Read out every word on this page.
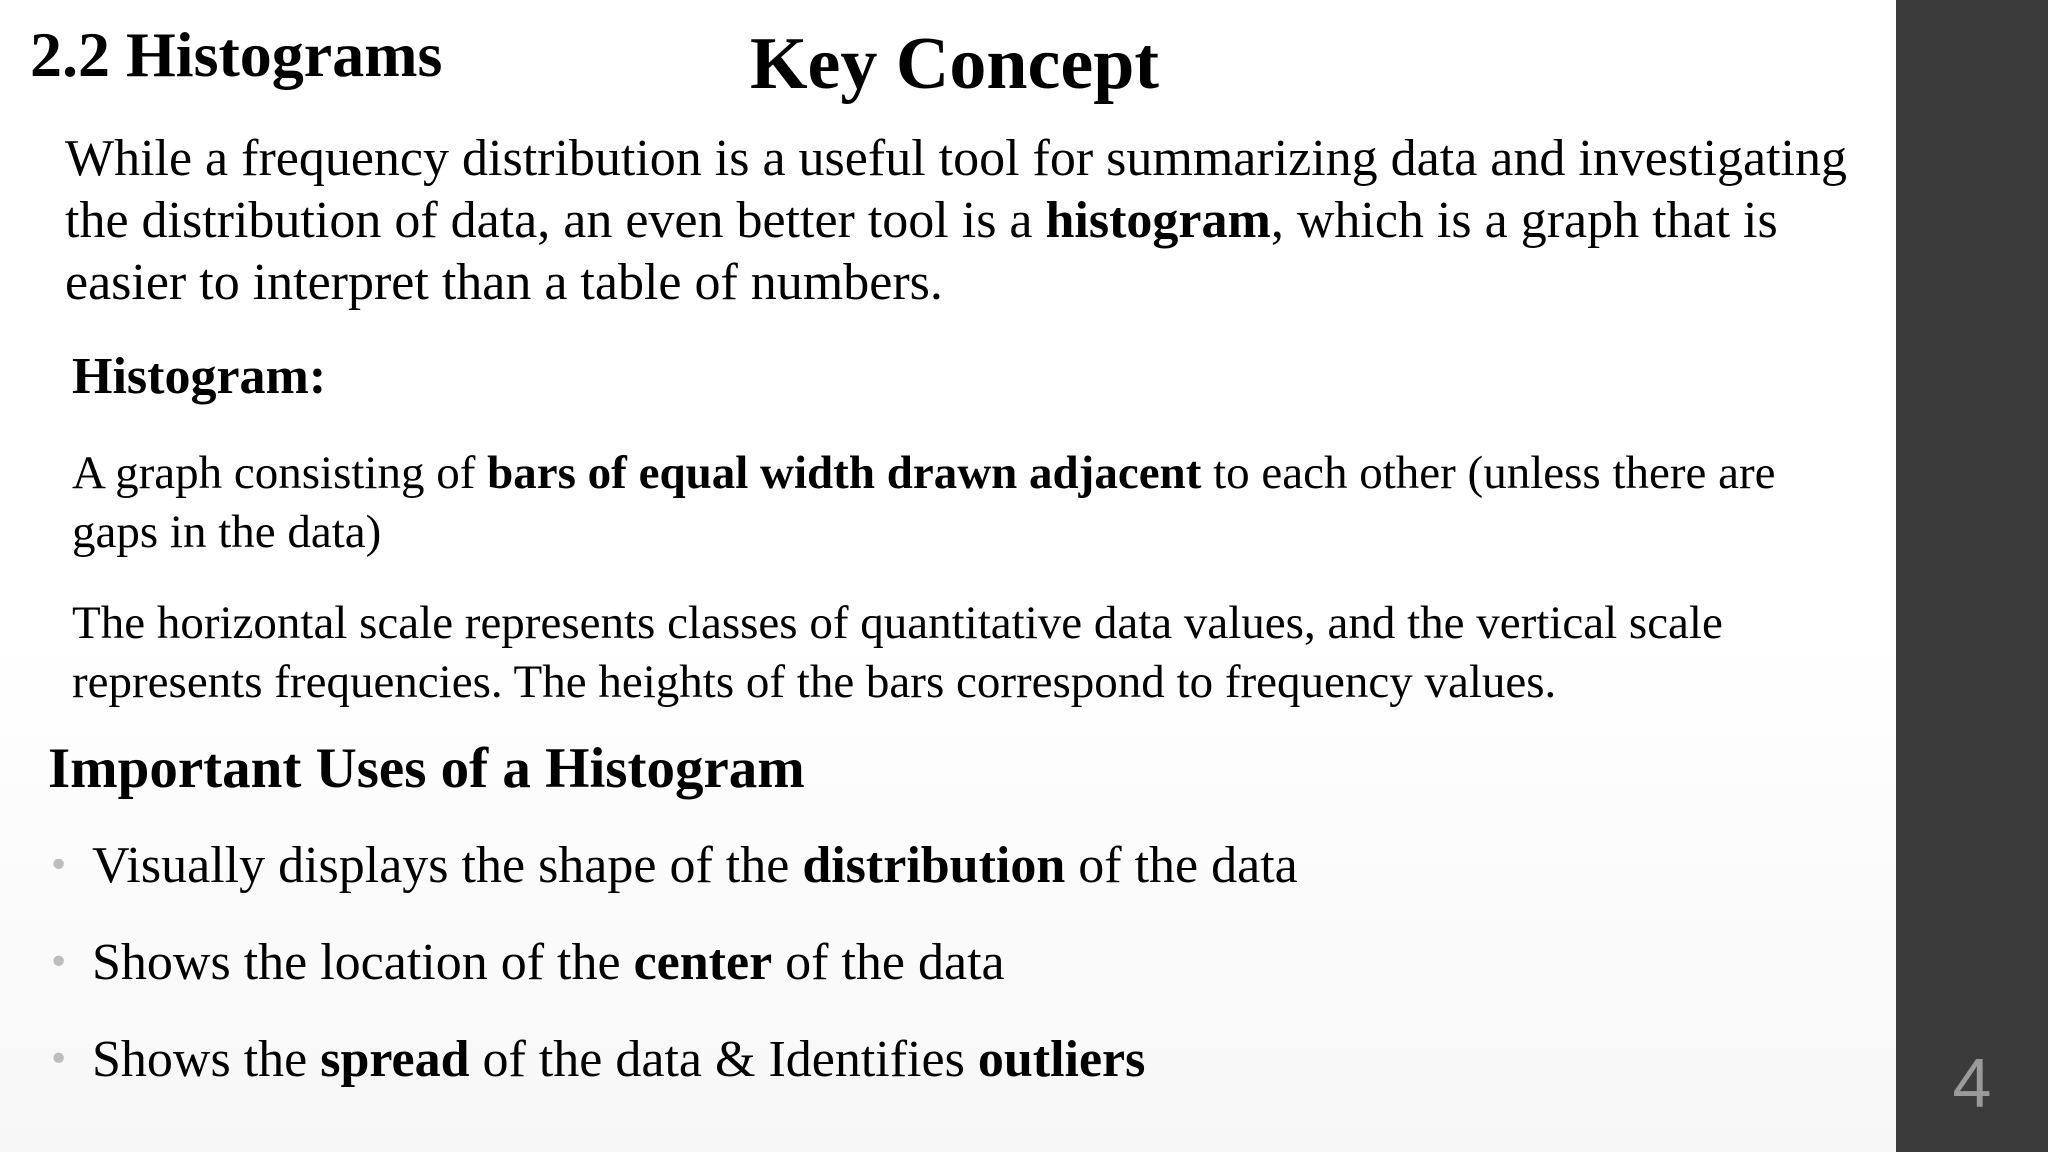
2.2 Histograms	Key Concept
While a frequency distribution is a useful tool for summarizing data and investigating the distribution of data, an even better tool is a histogram, which is a graph that is easier to interpret than a table of numbers.
Histogram:
A graph consisting of bars of equal width drawn adjacent to each other (unless there are gaps in the data)
The horizontal scale represents classes of quantitative data values, and the vertical scale represents frequencies. The heights of the bars correspond to frequency values.
Important Uses of a Histogram
• Visually displays the shape of the distribution of the data
• Shows the location of the center of the data
• Shows the spread of the data & Identifies outliers	4
